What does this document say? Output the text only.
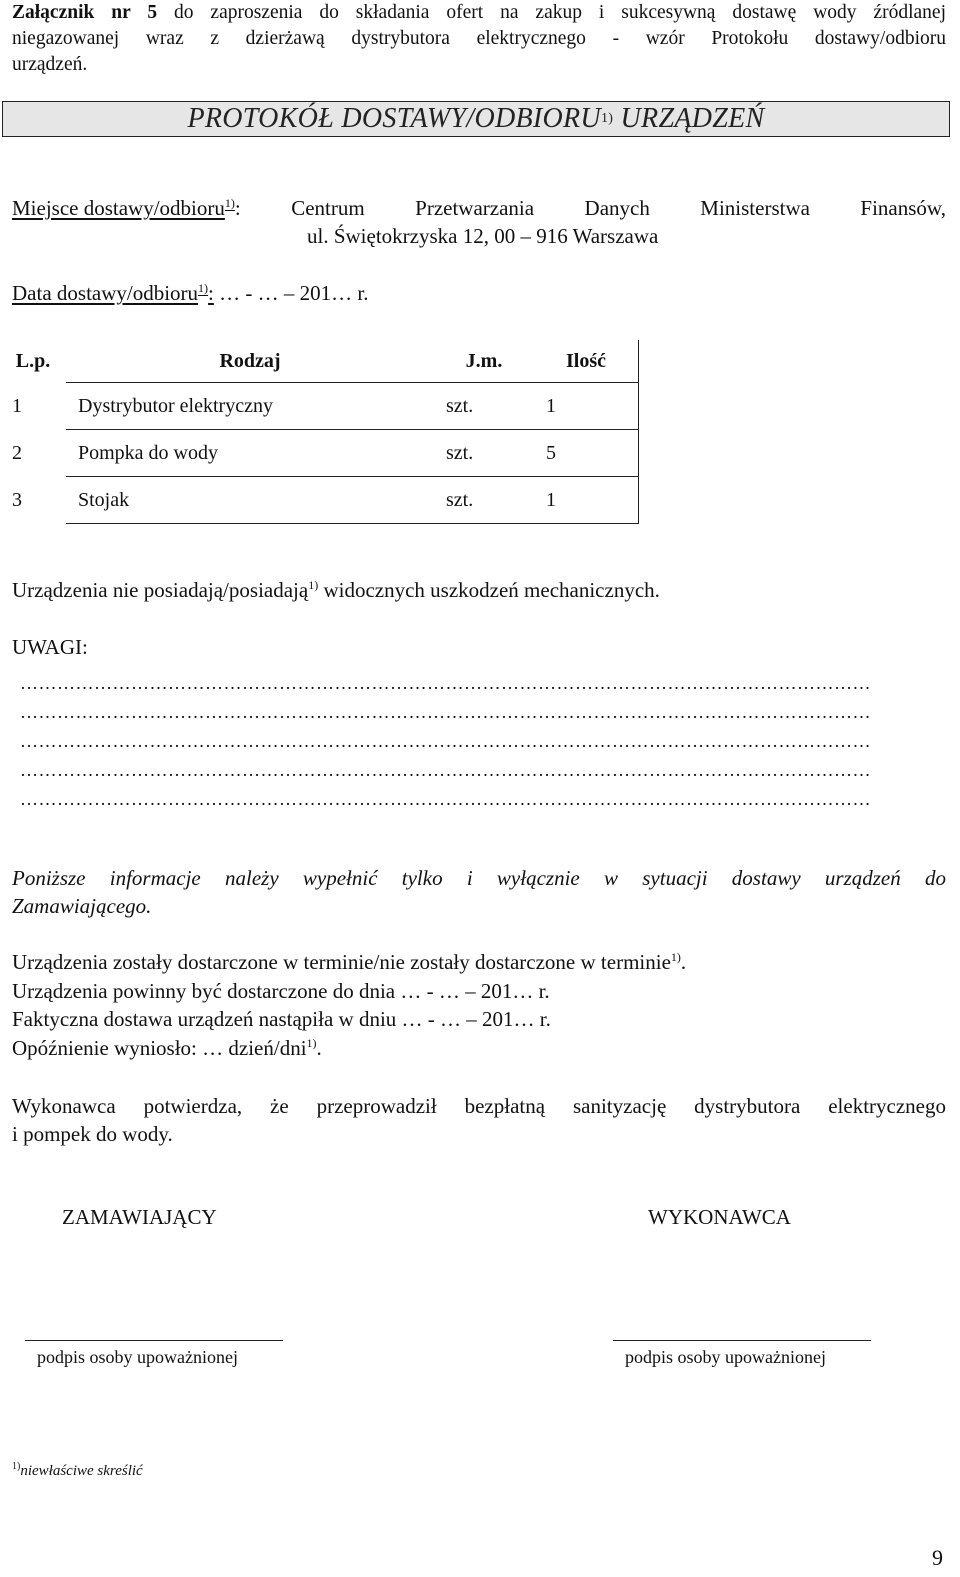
Załącznik nr 5 do zaproszenia do składania ofert na zakup i sukcesywną dostawę wody źródlanej
niegazowanej wraz z dzierżawą dystrybutora elektrycznego - wzór Protokołu dostawy/odbioru
urządzeń.
PROTOKÓŁ DOSTAWY/ODBIORU 1) URZĄDZEŃ
Miejsce dostawy/odbioru$^{1)}$: Centrum Przetwarzania Danych Ministerstwa Finansów,
ul. Świętokrzyska 12, 00 – 916 Warszawa
Data dostawy/odbioru$^{1)}$: … - … – 201… r.
L.p.	Rodzaj	J.m.	Ilość
1	Dystrybutor elektryczny	szt.	1
2	Pompka do wody	szt.	5
3	Stojak	szt.	1
Urządzenia nie posiadają/posiadają$^{1)}$ widocznych uszkodzeń mechanicznych.
UWAGI:
…………………………………………………………………………………………………………………………
…………………………………………………………………………………………………………………………
…………………………………………………………………………………………………………………………
…………………………………………………………………………………………………………………………
…………………………………………………………………………………………………………………………
Poniższe informacje należy wypełnić tylko i wyłącznie w sytuacji dostawy urządzeń do
Zamawiającego.
Urządzenia zostały dostarczone w terminie/nie zostały dostarczone w terminie$^{1)}$.
Urządzenia powinny być dostarczone do dnia … - … – 201… r.
Faktyczna dostawa urządzeń nastąpiła w dniu … - … – 201… r.
Opóźnienie wyniosło: … dzień/dni$^{1)}$.
Wykonawca potwierdza, że przeprowadził bezpłatną sanityzację dystrybutora elektrycznego
i pompek do wody.
ZAMAWIAJĄCY	WYKONAWCA
podpis osoby upoważnionej	podpis osoby upoważnionej
$^{1)}$niewłaściwe skreślić
9
